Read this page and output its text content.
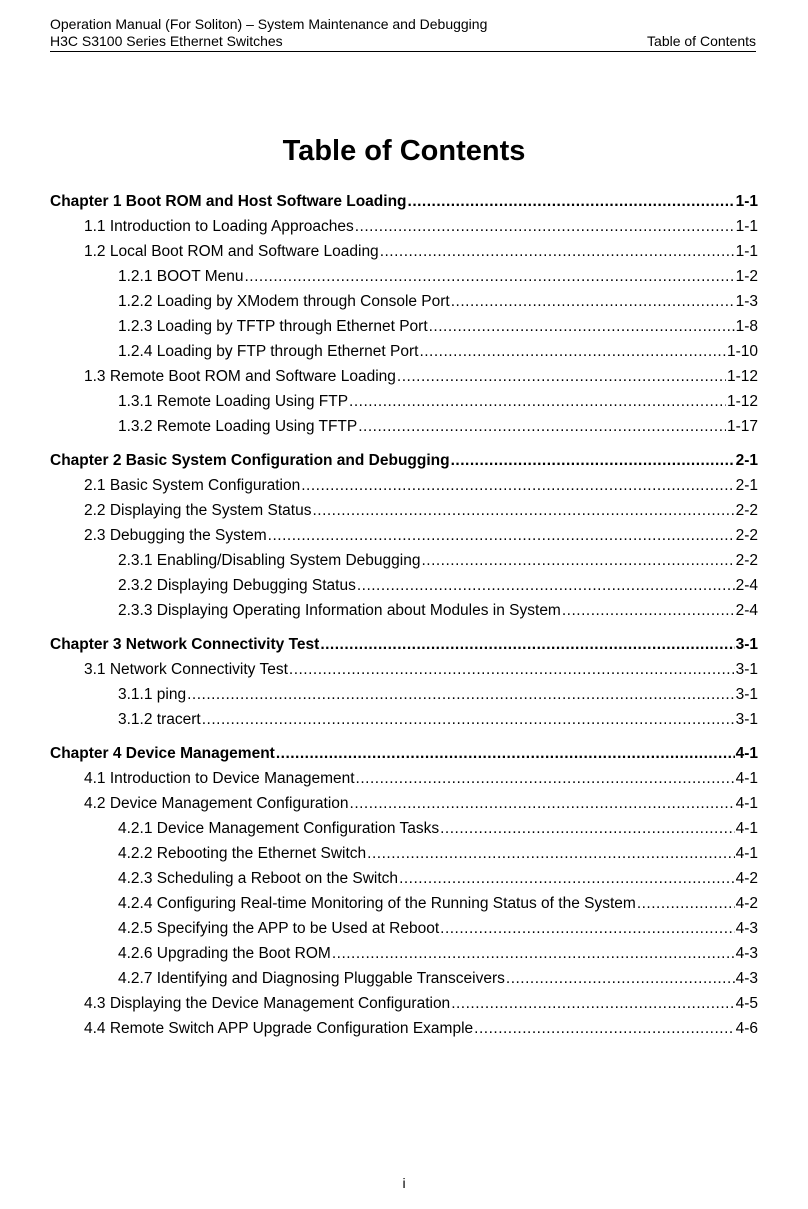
Operation Manual (For Soliton) – System Maintenance and Debugging
H3C S3100 Series Ethernet Switches	Table of Contents
Table of Contents
Chapter 1 Boot ROM and Host Software Loading .....	1-1
1.1 Introduction to Loading Approaches .....	1-1
1.2 Local Boot ROM and Software Loading .....	1-1
1.2.1 BOOT Menu .....	1-2
1.2.2 Loading by XModem through Console Port .....	1-3
1.2.3 Loading by TFTP through Ethernet Port .....	1-8
1.2.4 Loading by FTP through Ethernet Port .....	1-10
1.3 Remote Boot ROM and Software Loading .....	1-12
1.3.1 Remote Loading Using FTP .....	1-12
1.3.2 Remote Loading Using TFTP .....	1-17
Chapter 2 Basic System Configuration and Debugging .....	2-1
2.1 Basic System Configuration .....	2-1
2.2 Displaying the System Status .....	2-2
2.3 Debugging the System .....	2-2
2.3.1 Enabling/Disabling System Debugging .....	2-2
2.3.2 Displaying Debugging Status .....	2-4
2.3.3 Displaying Operating Information about Modules in System .....	2-4
Chapter 3 Network Connectivity Test .....	3-1
3.1 Network Connectivity Test .....	3-1
3.1.1 ping .....	3-1
3.1.2 tracert .....	3-1
Chapter 4 Device Management .....	4-1
4.1 Introduction to Device Management .....	4-1
4.2 Device Management Configuration .....	4-1
4.2.1 Device Management Configuration Tasks .....	4-1
4.2.2 Rebooting the Ethernet Switch .....	4-1
4.2.3 Scheduling a Reboot on the Switch .....	4-2
4.2.4 Configuring Real-time Monitoring of the Running Status of the System .....	4-2
4.2.5 Specifying the APP to be Used at Reboot .....	4-3
4.2.6 Upgrading the Boot ROM .....	4-3
4.2.7 Identifying and Diagnosing Pluggable Transceivers .....	4-3
4.3 Displaying the Device Management Configuration .....	4-5
4.4 Remote Switch APP Upgrade Configuration Example .....	4-6
i
